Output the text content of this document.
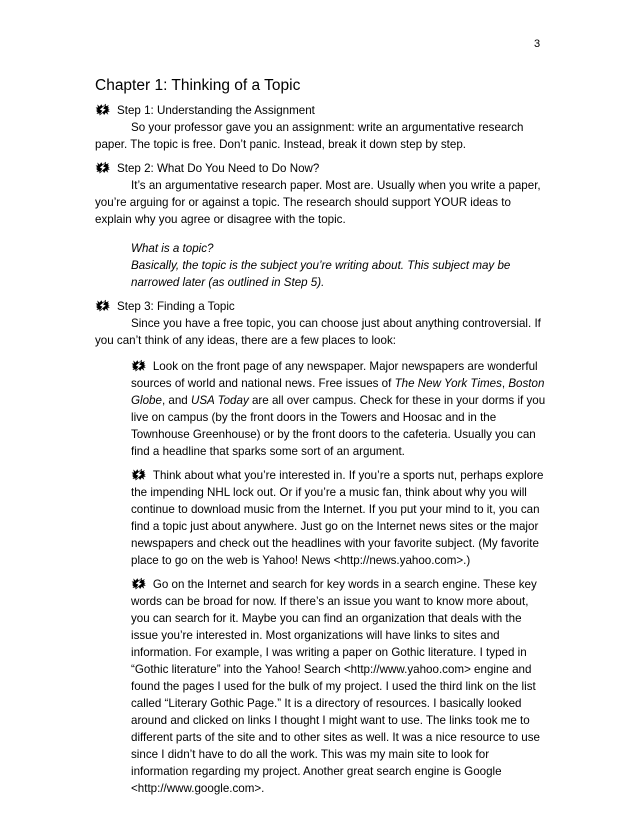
3
Chapter 1: Thinking of a Topic
🗱 Step 1: Understanding the Assignment
So your professor gave you an assignment: write an argumentative research
paper. The topic is free. Don’t panic. Instead, break it down step by step.
🗱 Step 2: What Do You Need to Do Now?
It’s an argumentative research paper. Most are. Usually when you write a paper,
you’re arguing for or against a topic. The research should support YOUR ideas to
explain why you agree or disagree with the topic.
What is a topic?
Basically, the topic is the subject you’re writing about. This subject may be
narrowed later (as outlined in Step 5).
🗱 Step 3: Finding a Topic
Since you have a free topic, you can choose just about anything controversial. If
you can’t think of any ideas, there are a few places to look:
🗱 Look on the front page of any newspaper. Major newspapers are wonderful
sources of world and national news. Free issues of The New York Times, Boston
Globe, and USA Today are all over campus. Check for these in your dorms if you
live on campus (by the front doors in the Towers and Hoosac and in the
Townhouse Greenhouse) or by the front doors to the cafeteria. Usually you can
find a headline that sparks some sort of an argument.
🗱 Think about what you’re interested in. If you’re a sports nut, perhaps explore
the impending NHL lock out. Or if you’re a music fan, think about why you will
continue to download music from the Internet. If you put your mind to it, you can
find a topic just about anywhere. Just go on the Internet news sites or the major
newspapers and check out the headlines with your favorite subject. (My favorite
place to go on the web is Yahoo! News <http://news.yahoo.com>.)
🗱 Go on the Internet and search for key words in a search engine. These key
words can be broad for now. If there’s an issue you want to know more about,
you can search for it. Maybe you can find an organization that deals with the
issue you’re interested in. Most organizations will have links to sites and
information. For example, I was writing a paper on Gothic literature. I typed in
“Gothic literature” into the Yahoo! Search <http://www.yahoo.com> engine and
found the pages I used for the bulk of my project. I used the third link on the list
called “Literary Gothic Page.” It is a directory of resources. I basically looked
around and clicked on links I thought I might want to use. The links took me to
different parts of the site and to other sites as well. It was a nice resource to use
since I didn’t have to do all the work. This was my main site to look for
information regarding my project. Another great search engine is Google
<http://www.google.com>.
